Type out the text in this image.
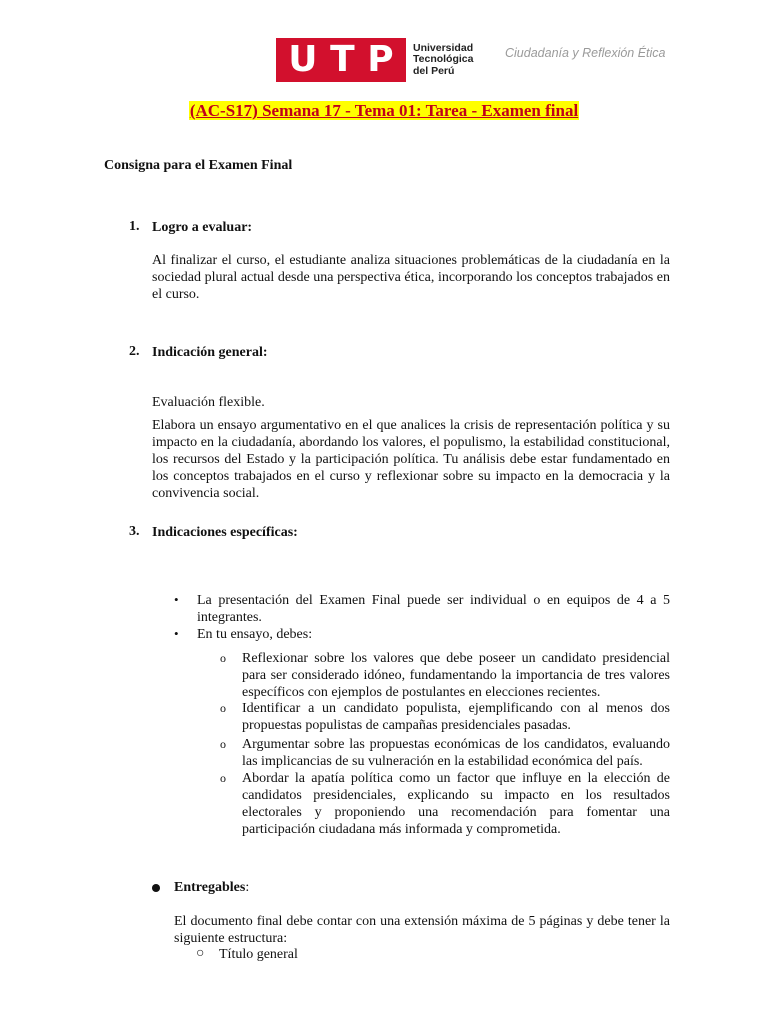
U T P Universidad
Tecnológica
del Perú
Ciudadanía y Reflexión Ética
(AC-S17) Semana 17 - Tema 01: Tarea - Examen final
Consigna para el Examen Final
1. Logro a evaluar:
Al finalizar el curso, el estudiante analiza situaciones problemáticas de la ciudadanía en la sociedad plural actual desde una perspectiva ética, incorporando los conceptos trabajados en el curso.
2. Indicación general:
Evaluación flexible.
Elabora un ensayo argumentativo en el que analices la crisis de representación política y su impacto en la ciudadanía, abordando los valores, el populismo, la estabilidad constitucional, los recursos del Estado y la participación política. Tu análisis debe estar fundamentado en los conceptos trabajados en el curso y reflexionar sobre su impacto en la democracia y la convivencia social.
3. Indicaciones específicas:
• La presentación del Examen Final puede ser individual o en equipos de 4 a 5 integrantes.
• En tu ensayo, debes:
o Reflexionar sobre los valores que debe poseer un candidato presidencial para ser considerado idóneo, fundamentando la importancia de tres valores específicos con ejemplos de postulantes en elecciones recientes.
o Identificar a un candidato populista, ejemplificando con al menos dos propuestas populistas de campañas presidenciales pasadas.
o Argumentar sobre las propuestas económicas de los candidatos, evaluando las implicancias de su vulneración en la estabilidad económica del país.
o Abordar la apatía política como un factor que influye en la elección de candidatos presidenciales, explicando su impacto en los resultados electorales y proponiendo una recomendación para fomentar una participación ciudadana más informada y comprometida.
Entregables:
El documento final debe contar con una extensión máxima de 5 páginas y debe tener la siguiente estructura:
○ Título general
